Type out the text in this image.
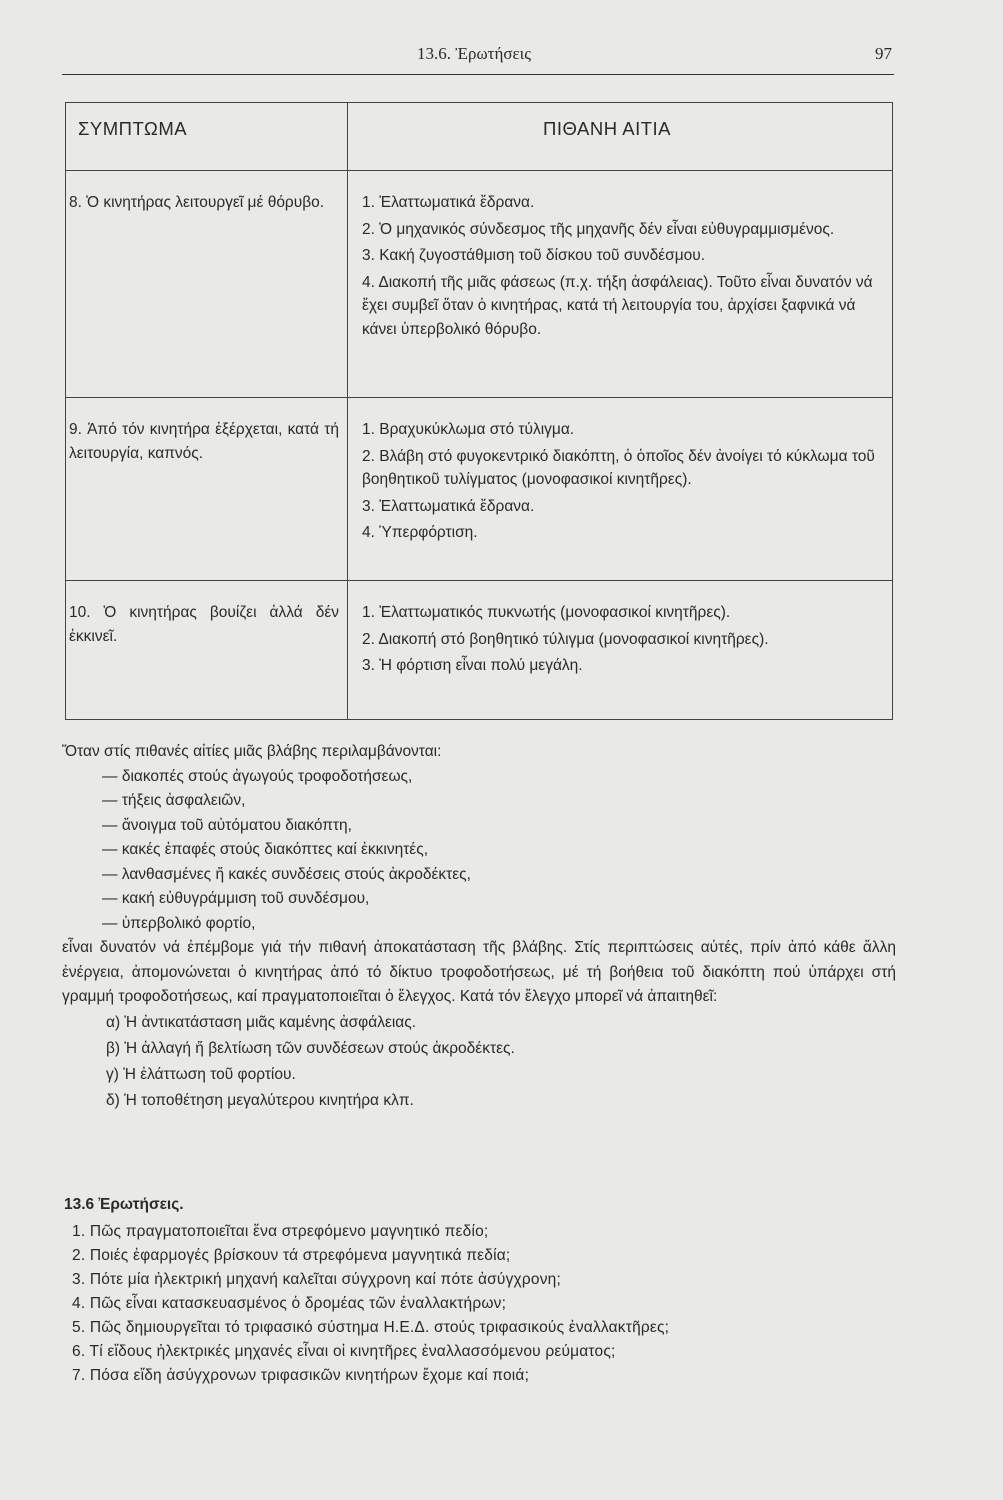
13.6. Ἐρωτήσεις	97
ΣΥΜΠΤΩΜΑ	ΠΙΘΑΝΗ ΑΙΤΙΑ
8. Ὁ κινητήρας λειτουργεῖ μέ θόρυβο.	1. Ἐλαττωματικά ἔδρανα.
2. Ὁ μηχανικός σύνδεσμος τῆς μηχανῆς δέν εἶναι εὐθυγραμμισμένος.
3. Κακή ζυγοστάθμιση τοῦ δίσκου τοῦ συνδέσμου.
4. Διακοπή τῆς μιᾶς φάσεως (π.χ. τήξη ἀσφάλειας). Τοῦτο εἶναι δυνατόν νά ἔχει συμβεῖ ὅταν ὁ κινητήρας, κατά τή λειτουργία του, ἀρχίσει ξαφνικά νά κάνει ὑπερβολικό θόρυβο.

9. Ἀπό τόν κινητήρα ἐξέρχεται, κατά τή λειτουργία, καπνός.	1. Βραχυκύκλωμα στό τύλιγμα.
2. Βλάβη στό φυγοκεντρικό διακόπτη, ὁ ὁποῖος δέν ἀνοίγει τό κύκλωμα τοῦ βοηθητικοῦ τυλίγματος (μονοφασικοί κινητῆρες).
3. Ἐλαττωματικά ἔδρανα.
4. Ὑπερφόρτιση.

10. Ὁ κινητήρας βουίζει ἀλλά δέν ἐκκινεῖ.	1. Ἐλαττωματικός πυκνωτής (μονοφασικοί κινητῆρες).
2. Διακοπή στό βοηθητικό τύλιγμα (μονοφασικοί κινητῆρες).
3. Ἡ φόρτιση εἶναι πολύ μεγάλη.

Ὅταν στίς πιθανές αἰτίες μιᾶς βλάβης περιλαμβάνονται:

— διακοπές στούς ἀγωγούς τροφοδοτήσεως,
— τήξεις ἀσφαλειῶν,
— ἄνοιγμα τοῦ αὐτόματου διακόπτη,
— κακές ἐπαφές στούς διακόπτες καί ἐκκινητές,
— λανθασμένες ἤ κακές συνδέσεις στούς ἀκροδέκτες,
— κακή εὐθυγράμμιση τοῦ συνδέσμου,
— ὑπερβολικό φορτίο,

εἶναι δυνατόν νά ἐπέμβομε γιά τήν πιθανή ἀποκατάσταση τῆς βλάβης. Στίς περιπτώσεις αὐτές, πρίν ἀπό κάθε ἄλλη ἐνέργεια, ἀπομονώνεται ὁ κινητήρας ἀπό τό δίκτυο τροφοδοτήσεως, μέ τή βοήθεια τοῦ διακόπτη πού ὑπάρχει στή γραμμή τροφοδοτήσεως, καί πραγματοποιεῖται ὁ ἔλεγχος. Κατά τόν ἔλεγχο μπορεῖ νά ἀπαιτηθεῖ:

α) Ἡ ἀντικατάσταση μιᾶς καμένης ἀσφάλειας.
β) Ἡ ἀλλαγή ἤ βελτίωση τῶν συνδέσεων στούς ἀκροδέκτες.
γ) Ἡ ἐλάττωση τοῦ φορτίου.
δ) Ἡ τοποθέτηση μεγαλύτερου κινητήρα κλπ.
13.6 Ἐρωτήσεις.
1. Πῶς πραγματοποιεῖται ἕνα στρεφόμενο μαγνητικό πεδίο;
2. Ποιές ἐφαρμογές βρίσκουν τά στρεφόμενα μαγνητικά πεδία;
3. Πότε μία ἠλεκτρική μηχανή καλεῖται σύγχρονη καί πότε ἀσύγχρονη;
4. Πῶς εἶναι κατασκευασμένος ὁ δρομέας τῶν ἐναλλακτήρων;
5. Πῶς δημιουργεῖται τό τριφασικό σύστημα Η.Ε.Δ. στούς τριφασικούς ἐναλλακτῆρες;
6. Τί εἴδους ἠλεκτρικές μηχανές εἶναι οἱ κινητῆρες ἐναλλασσόμενου ρεύματος;
7. Πόσα εἴδη ἀσύγχρονων τριφασικῶν κινητήρων ἔχομε καί ποιά;
